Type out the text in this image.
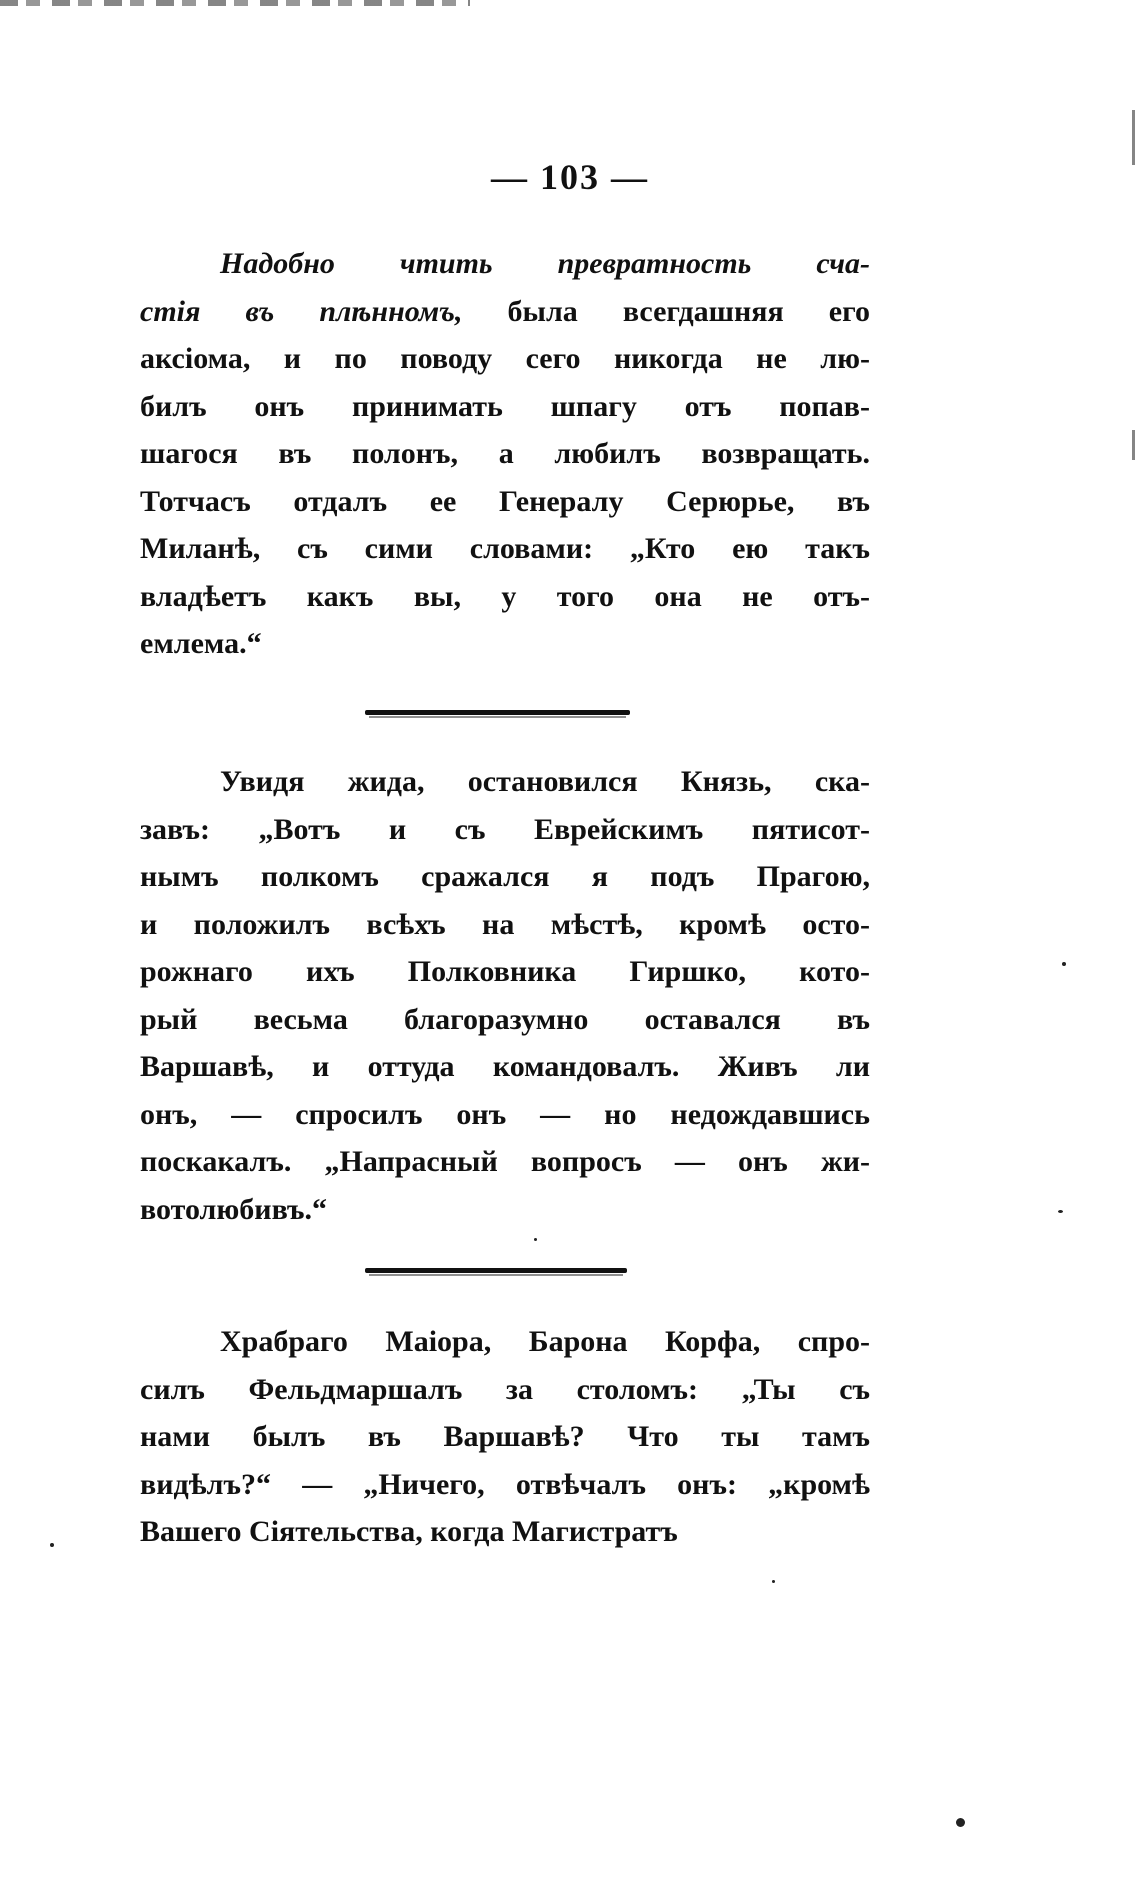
— 103 —
Надобно чтить превратность сча-
стія въ плѣнномъ, была всегдашняя его
аксіома, и по поводу сего никогда не лю-
билъ онъ принимать шпагу отъ попав-
шагося въ полонъ, а любилъ возвращать.
Тотчасъ отдалъ ее Генералу Серюрье, въ
Миланѣ, съ сими словами: „Кто ею такъ
владѣетъ какъ вы, у того она не отъ-
емлема.“
Увидя жида, остановился Князь, ска-
завъ: „Вотъ и съ Еврейскимъ пятисот-
нымъ полкомъ сражался я подъ Прагою,
и положилъ всѣхъ на мѣстѣ, кромѣ осто-
рожнаго ихъ Полковника Гиршко, кото-
рый весьма благоразумно оставался въ
Варшавѣ, и оттуда командовалъ. Живъ ли
онъ, — спросилъ онъ — но недождавшись
поскакалъ. „Напрасный вопросъ — онъ жи-
вотолюбивъ.“
Храбраго Маіора, Барона Корфа, спро-
силъ Фельдмаршалъ за столомъ: „Ты съ
нами былъ въ Варшавѣ? Что ты тамъ
видѣлъ?“ — „Ничего, отвѣчалъ онъ: „кромѣ
Вашего Сіятельства, когда Магистратъ
